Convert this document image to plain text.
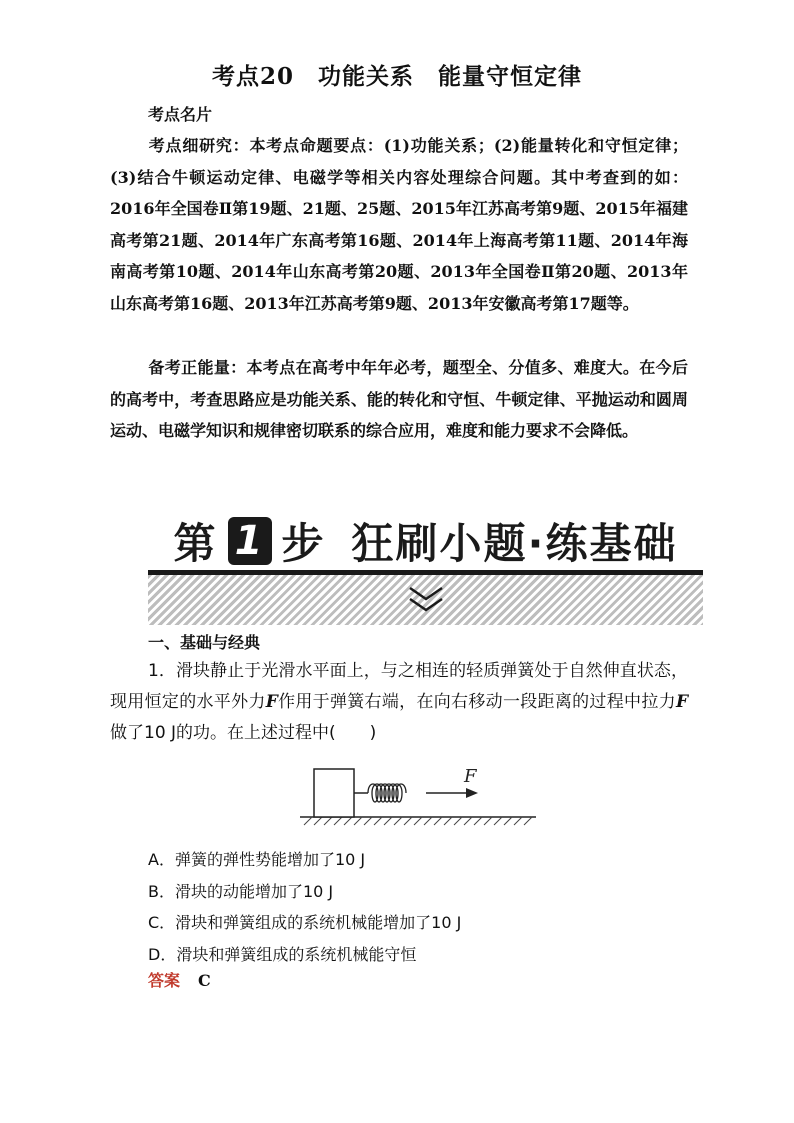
考点20　功能关系　能量守恒定律
考点名片

考点细研究：本考点命题要点：(1)功能关系；(2)能量转化和守恒定律；(3)结合牛顿运动定律、电磁学等相关内容处理综合问题。其中考查到的如：2016年全国卷Ⅱ第19题、21题、25题、2015年江苏高考第9题、2015年福建高考第21题、2014年广东高考第16题、2014年上海高考第11题、2014年海南高考第10题、2014年山东高考第20题、2013年全国卷Ⅱ第20题、2013年山东高考第16题、2013年江苏高考第9题、2013年安徽高考第17题等。

备考正能量：本考点在高考中年年必考，题型全、分值多、难度大。在今后的高考中，考查思路应是功能关系、能的转化和守恒、牛顿定律、平抛运动和圆周运动、电磁学知识和规律密切联系的综合应用，难度和能力要求不会降低。

第 1 步 狂刷小题·练基础
一、基础与经典

1．滑块静止于光滑水平面上，与之相连的轻质弹簧处于自然伸直状态，现用恒定的水平外力F作用于弹簧右端，在向右移动一段距离的过程中拉力F做了10 J的功。在上述过程中(　　)

F
A．弹簧的弹性势能增加了10 J
B．滑块的动能增加了10 J
C．滑块和弹簧组成的系统机械能增加了10 J
D．滑块和弹簧组成的系统机械能守恒
答案 C
